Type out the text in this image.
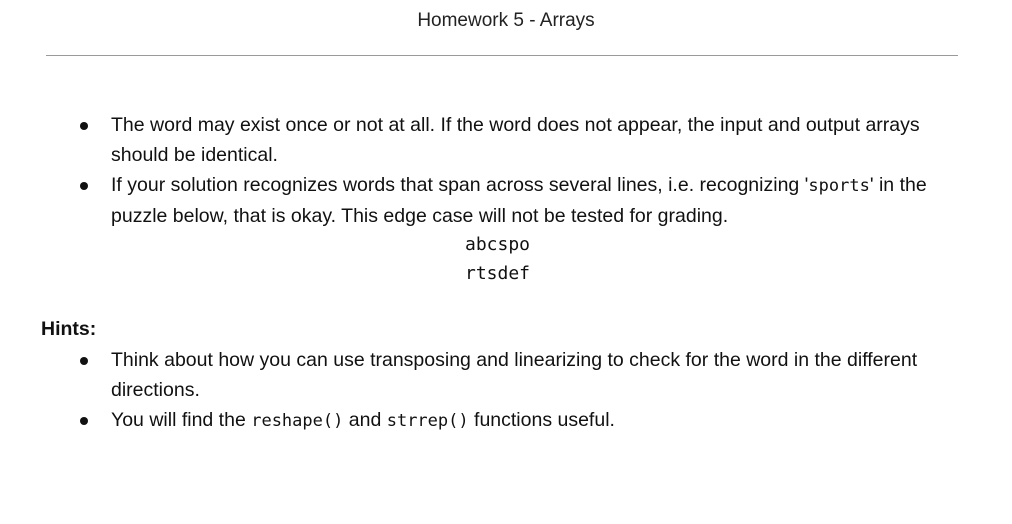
Homework 5 - Arrays
The word may exist once or not at all. If the word does not appear, the input and output arrays should be identical.
If your solution recognizes words that span across several lines, i.e. recognizing 'sports' in the puzzle below, that is okay. This edge case will not be tested for grading.
abcspo
rtsdef
Hints:
Think about how you can use transposing and linearizing to check for the word in the different directions.
You will find the reshape() and strrep() functions useful.
